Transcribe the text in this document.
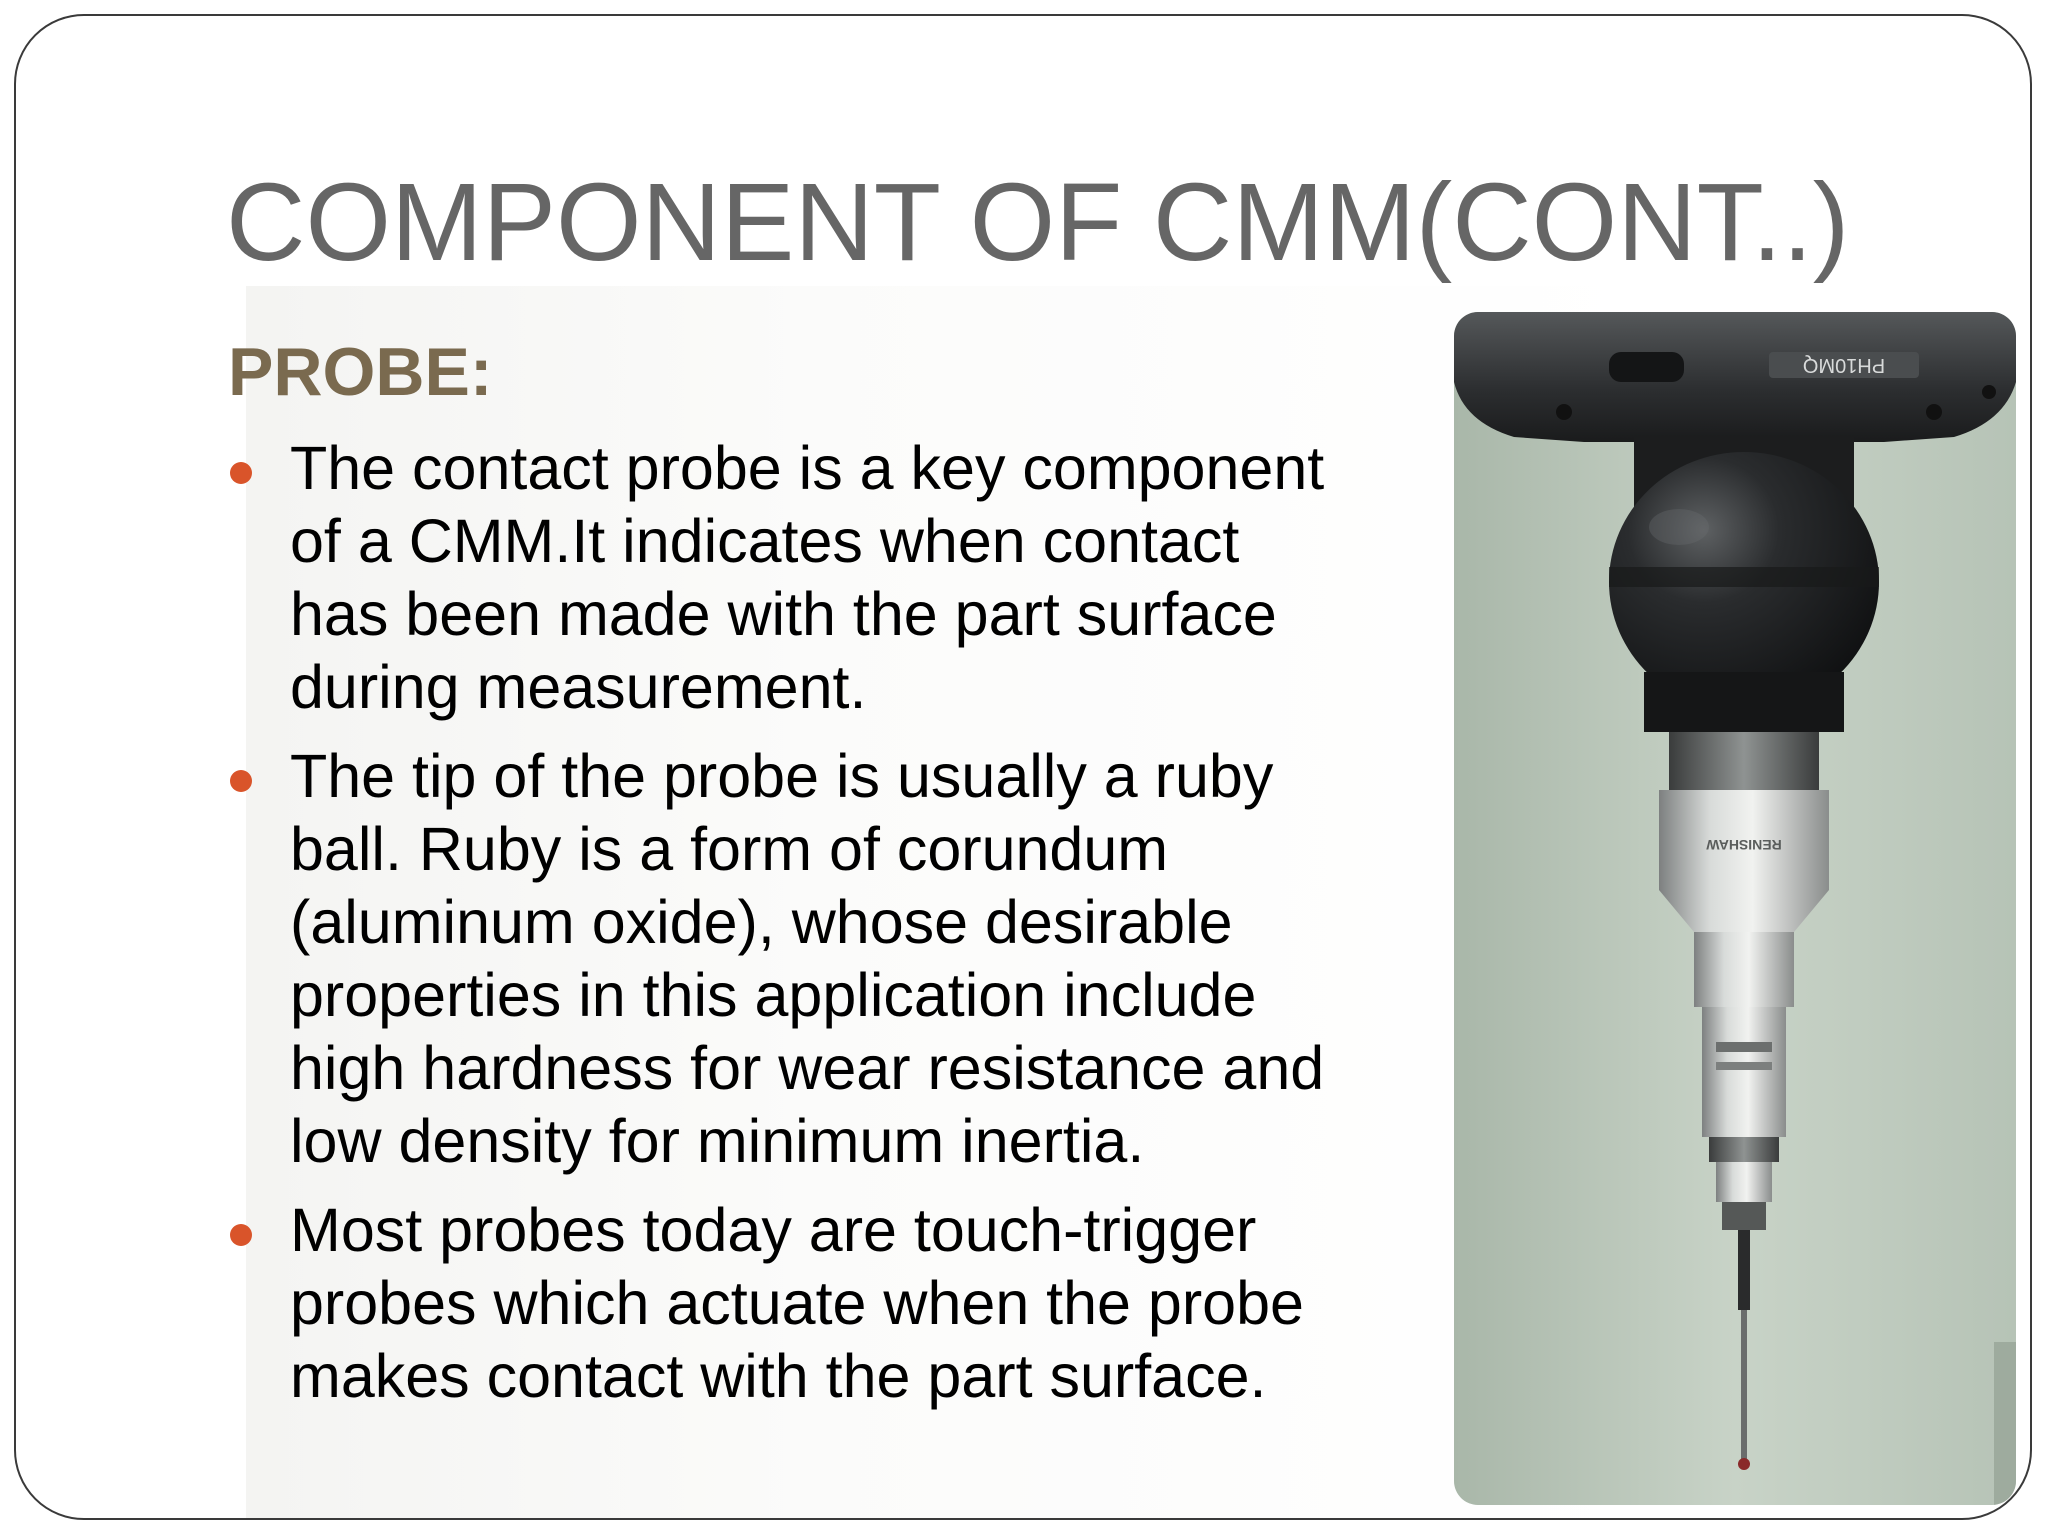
COMPONENT OF CMM(CONT..)
PROBE:
The contact probe is a key component
of a CMM.It indicates when contact
has been made with the part surface
during measurement.
The tip of the probe is usually a ruby
ball. Ruby is a form of corundum
(aluminum oxide), whose desirable
properties in this application include
high hardness for wear resistance and
low density for minimum inertia.
Most probes today are touch-trigger
probes which actuate when the probe
makes contact with the part surface.
PH10MQ
RENISHAW
